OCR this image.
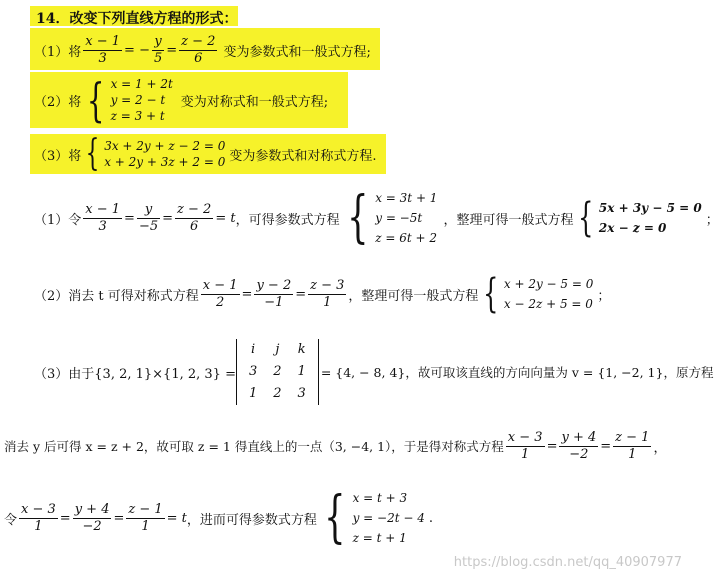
14．改变下列直线方程的形式：
（1）将 $\frac{x - 1}{3}$ = − $\frac{y}{5} = \frac{z - 2}{6}$ 变为参数式和一般式方程;
（2）将 { x = 1 + 2t
y = 2 − t
z = 3 + t
变为对称式和一般式方程;
（3）将 { 3x + 2y + z − 2 = 0
x + 2y + 3z + 2 = 0 变为参数式和对称式方程.
（1）令 $\frac{x - 1}{3} = \frac{y}{-5} = \frac{z - 2}{6} = t$ ，可得参数式方程 { x = 3t + 1
y = −5t
z = 6t + 2
，整理可得一般式方程 { 5x + 3y − 5 = 0
2x − z = 0
；
（2）消去 t 可得对称式方程 $\frac{x - 1}{2} = \frac{y - 2}{-1} = \frac{z - 3}{1}$ ，整理可得一般式方程 { x + 2y − 5 = 0
x − 2z + 5 = 0
；
（3）由于{3, 2, 1}×{1, 2, 3} =
i	j	k
3	2	1
1	2	3
= {4, − 8, 4}，故可取该直线的方向向量为 v = {1, −2, 1}，原方程
消去 y 后可得 x = z + 2，故可取 z = 1 得直线上的一点（3, −4, 1），于是得对称式方程 $\frac{x - 3}{1} = \frac{y + 4}{-2} = \frac{z - 1}{1}$ ，
令 $\frac{x - 3}{1} = \frac{y + 4}{-2} = \frac{z - 1}{1} = t$ ，进而可得参数式方程 { x = t + 3
y = −2t − 4
z = t + 1
.
https://blog.csdn.net/qq_40907977
